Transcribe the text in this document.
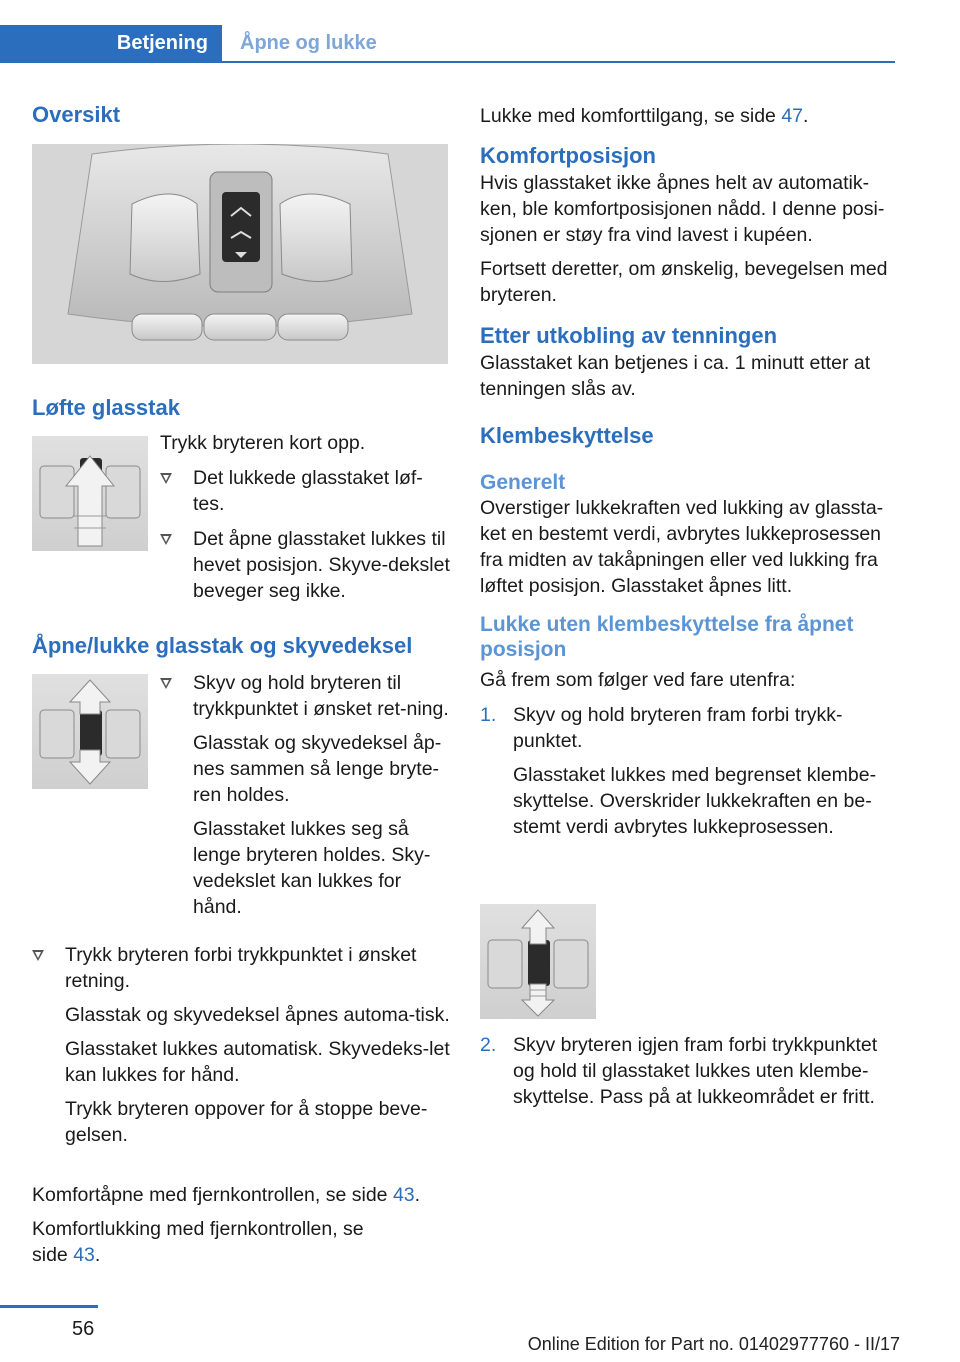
Betjening	Åpne og lukke
Oversikt
Løfte glasstak

Trykk bryteren kort opp.

Det lukkede glasstaket løf-tes.
Det åpne glasstaket lukkes til hevet posisjon. Skyve-dekslet beveger seg ikke.
Åpne/lukke glasstak og skyvedeksel

Skyv og hold bryteren til trykkpunktet i ønsket ret-ning.

Glasstak og skyvedeksel åp-nes sammen så lenge bryte-ren holdes.

Glasstaket lukkes seg så lenge bryteren holdes. Sky-vedekslet kan lukkes for hånd.

Trykk bryteren forbi trykkpunktet i ønsket retning.

Glasstak og skyvedeksel åpnes automa-tisk.

Glasstaket lukkes automatisk. Skyvedeks-let kan lukkes for hånd.

Trykk bryteren oppover for å stoppe beve-gelsen.

Komfortåpne med fjernkontrollen, se side 43.

Komfortlukking med fjernkontrollen, se side 43.

Lukke med komforttilgang, se side 47.

Komfortposisjon

Hvis glasstaket ikke åpnes helt av automatik-ken, ble komfortposisjonen nådd. I denne posi-sjonen er støy fra vind lavest i kupéen.

Fortsett deretter, om ønskelig, bevegelsen med bryteren.

Etter utkobling av tenningen

Glasstaket kan betjenes i ca. 1 minutt etter at tenningen slås av.

Klembeskyttelse
Generelt

Overstiger lukkekraften ved lukking av glassta-ket en bestemt verdi, avbrytes lukkeprosessen fra midten av takåpningen eller ved lukking fra løftet posisjon. Glasstaket åpnes litt.

Lukke uten klembeskyttelse fra åpnet posisjon

Gå frem som følger ved fare utenfra:

1. Skyv og hold bryteren fram forbi trykk-punktet.

Glasstaket lukkes med begrenset klembe-skyttelse. Overskrider lukkekraften en be-stemt verdi avbrytes lukkeprosessen.

2. Skyv bryteren igjen fram forbi trykkpunktet og hold til glasstaket lukkes uten klembe-skyttelse. Pass på at lukkeområdet er fritt.

56
Online Edition for Part no. 01402977760 - II/17
